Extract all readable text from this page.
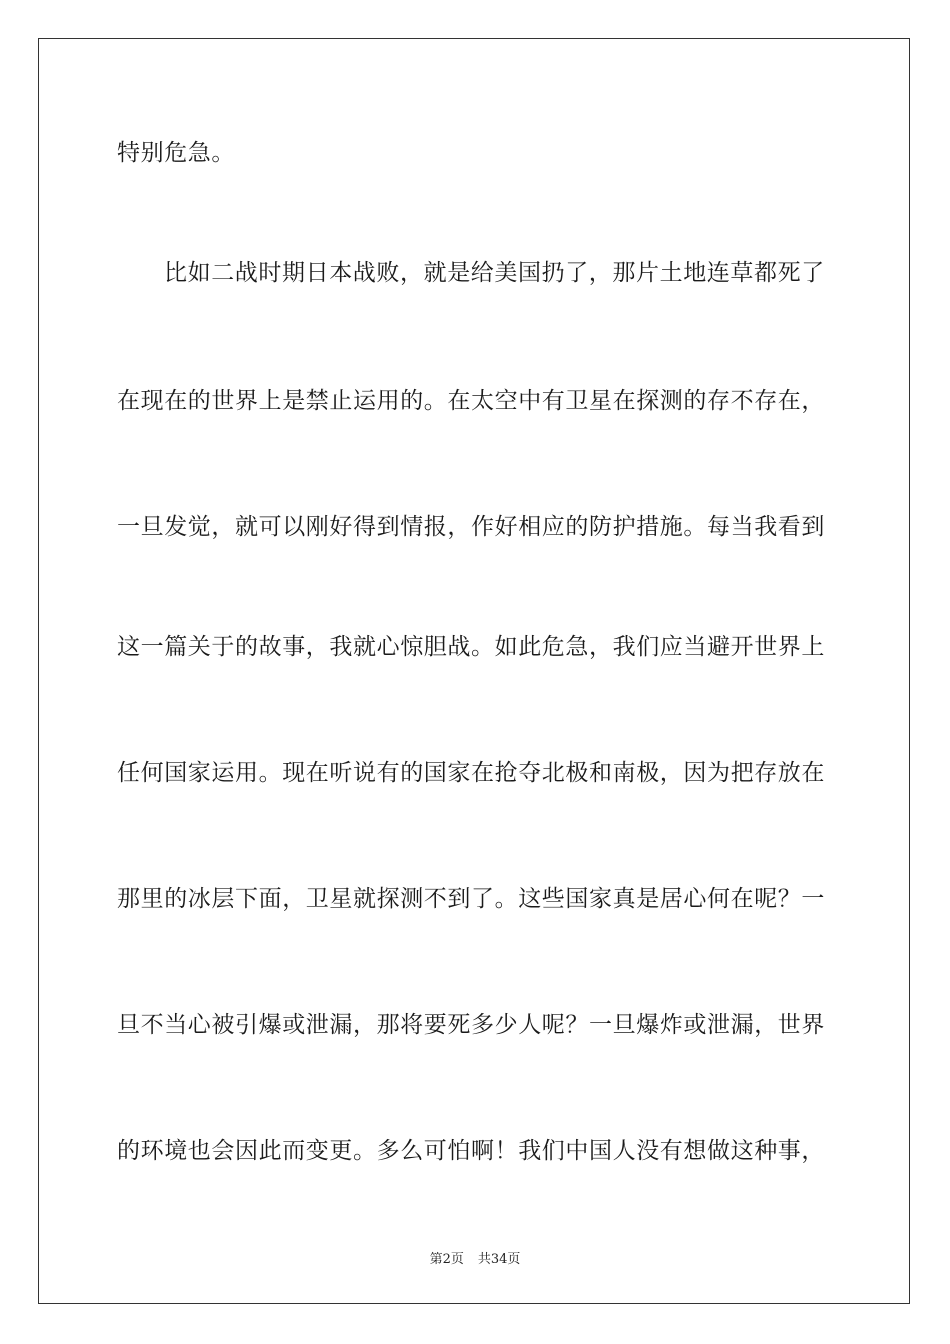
特别危急。
比如二战时期日本战败，就是给美国扔了，那片土地连草都死了
在现在的世界上是禁止运用的。在太空中有卫星在探测的存不存在，
一旦发觉，就可以刚好得到情报，作好相应的防护措施。每当我看到
这一篇关于的故事，我就心惊胆战。如此危急，我们应当避开世界上
任何国家运用。现在听说有的国家在抢夺北极和南极，因为把存放在
那里的冰层下面，卫星就探测不到了。这些国家真是居心何在呢？一
旦不当心被引爆或泄漏，那将要死多少人呢？一旦爆炸或泄漏，世界
的环境也会因此而变更。多么可怕啊！我们中国人没有想做这种事，
第2页 共34页
